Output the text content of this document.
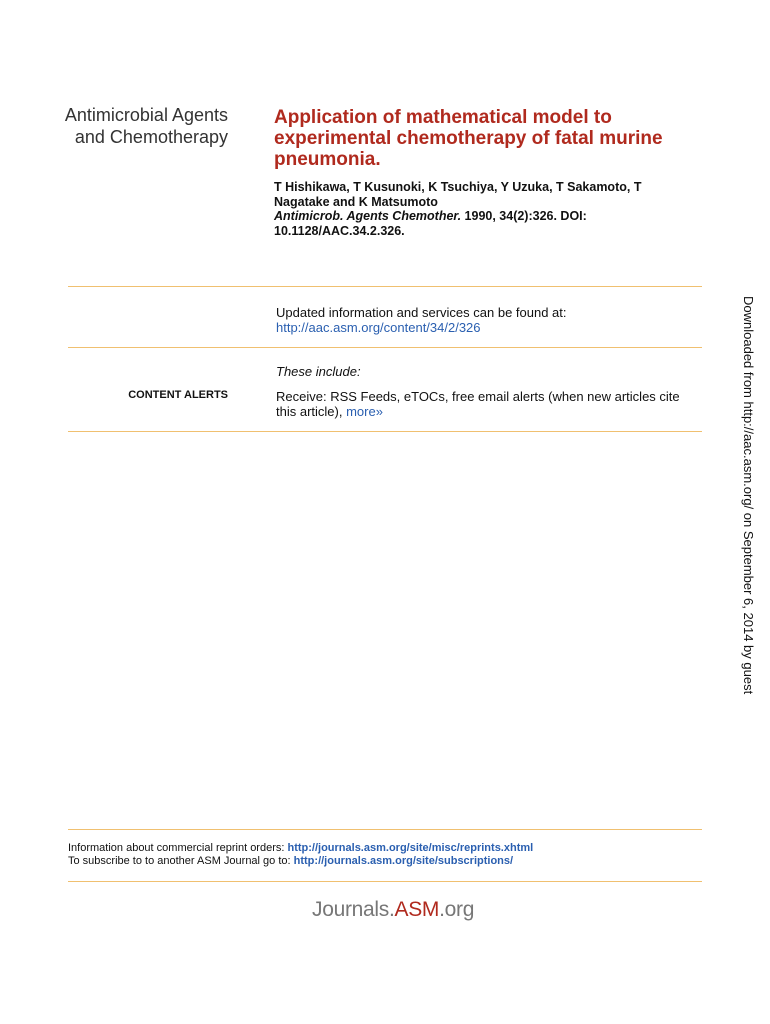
Antimicrobial Agents
and Chemotherapy
Application of mathematical model to experimental chemotherapy of fatal murine pneumonia.
T Hishikawa, T Kusunoki, K Tsuchiya, Y Uzuka, T Sakamoto, T Nagatake and K Matsumoto
Antimicrob. Agents Chemother. 1990, 34(2):326. DOI: 10.1128/AAC.34.2.326.
Updated information and services can be found at:
http://aac.asm.org/content/34/2/326
These include:
CONTENT ALERTS	Receive: RSS Feeds, eTOCs, free email alerts (when new articles cite this article), more»	Downloaded from http://aac.asm.org/ on September 6, 2014 by guest
Information about commercial reprint orders: http://journals.asm.org/site/misc/reprints.xhtml
To subscribe to to another ASM Journal go to: http://journals.asm.org/site/subscriptions/
Journals.ASM.org
